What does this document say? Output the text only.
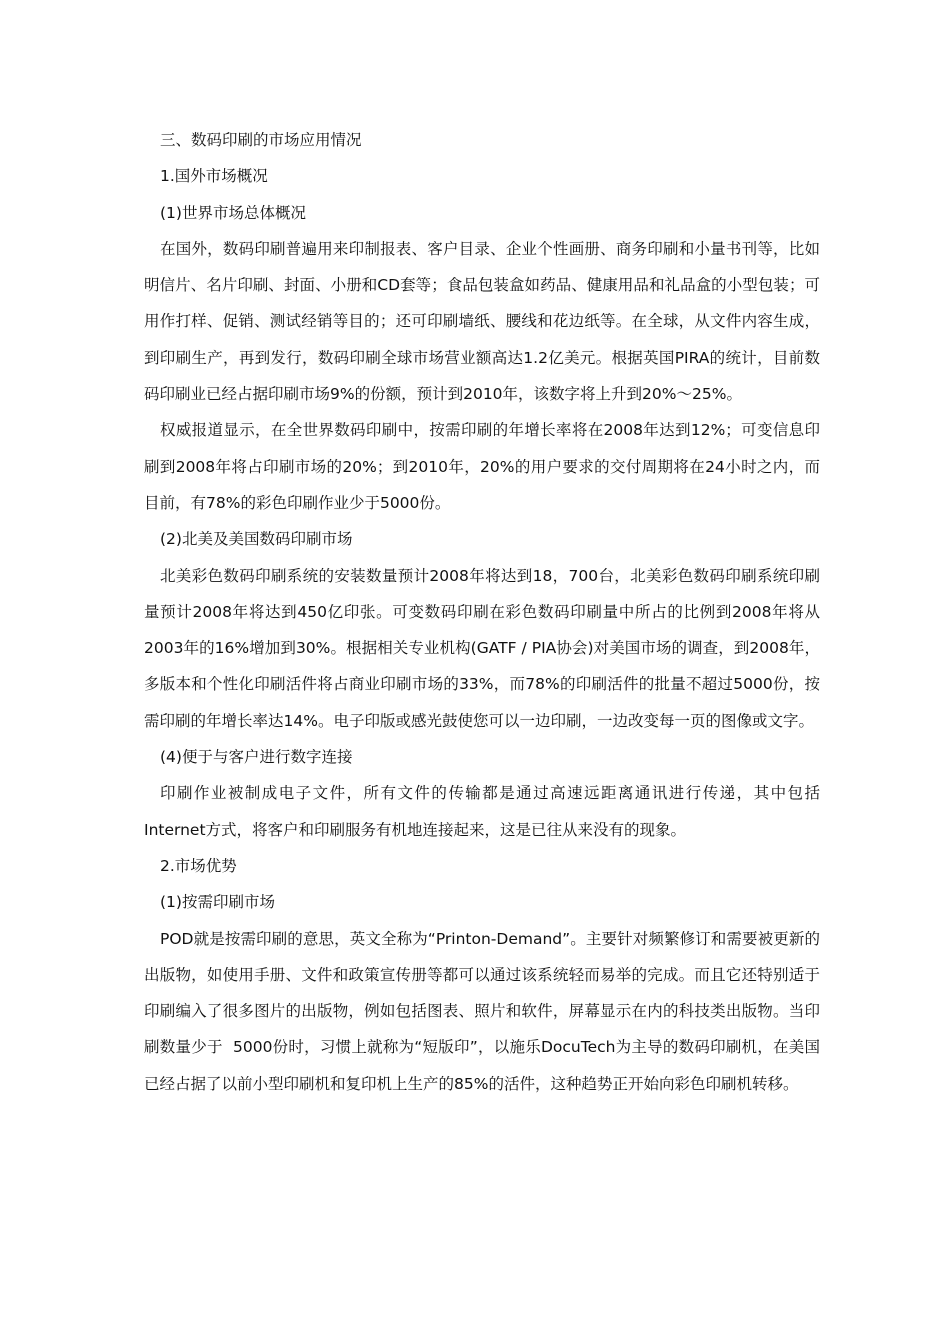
三、数码印刷的市场应用情况

1.国外市场概况

(1)世界市场总体概况

在国外，数码印刷普遍用来印制报表、客户目录、企业个性画册、商务印刷和小量书刊等，比如明信片、名片印刷、封面、小册和CD套等；食品包装盒如药品、健康用品和礼品盒的小型包装；可用作打样、促销、测试经销等目的；还可印刷墙纸、腰线和花边纸等。在全球，从文件内容生成，到印刷生产，再到发行，数码印刷全球市场营业额高达1.2亿美元。根据英国PIRA的统计，目前数码印刷业已经占据印刷市场9%的份额，预计到2010年，该数字将上升到20%～25%。

权威报道显示，在全世界数码印刷中，按需印刷的年增长率将在2008年达到12%；可变信息印刷到2008年将占印刷市场的20%；到2010年，20%的用户要求的交付周期将在24小时之内，而目前，有78%的彩色印刷作业少于5000份。

(2)北美及美国数码印刷市场

北美彩色数码印刷系统的安装数量预计2008年将达到18，700台，北美彩色数码印刷系统印刷量预计2008年将达到450亿印张。可变数码印刷在彩色数码印刷量中所占的比例到2008年将从2003年的16%增加到30%。根据相关专业机构(GATF / PIA协会)对美国市场的调查，到2008年，多版本和个性化印刷活件将占商业印刷市场的33%，而78%的印刷活件的批量不超过5000份，按需印刷的年增长率达14%。电子印版或感光鼓使您可以一边印刷，一边改变每一页的图像或文字。

(4)便于与客户进行数字连接

印刷作业被制成电子文件，所有文件的传输都是通过高速远距离通讯进行传递，其中包括Internet方式，将客户和印刷服务有机地连接起来，这是已往从来没有的现象。

2.市场优势

(1)按需印刷市场

POD就是按需印刷的意思，英文全称为“Printon-Demand”。主要针对频繁修订和需要被更新的出版物，如使用手册、文件和政策宣传册等都可以通过该系统轻而易举的完成。而且它还特别适于印刷编入了很多图片的出版物，例如包括图表、照片和软件，屏幕显示在内的科技类出版物。当印刷数量少于  5000份时，习惯上就称为“短版印”，以施乐DocuTech为主导的数码印刷机，在美国已经占据了以前小型印刷机和复印机上生产的85%的活件，这种趋势正开始向彩色印刷机转移。
